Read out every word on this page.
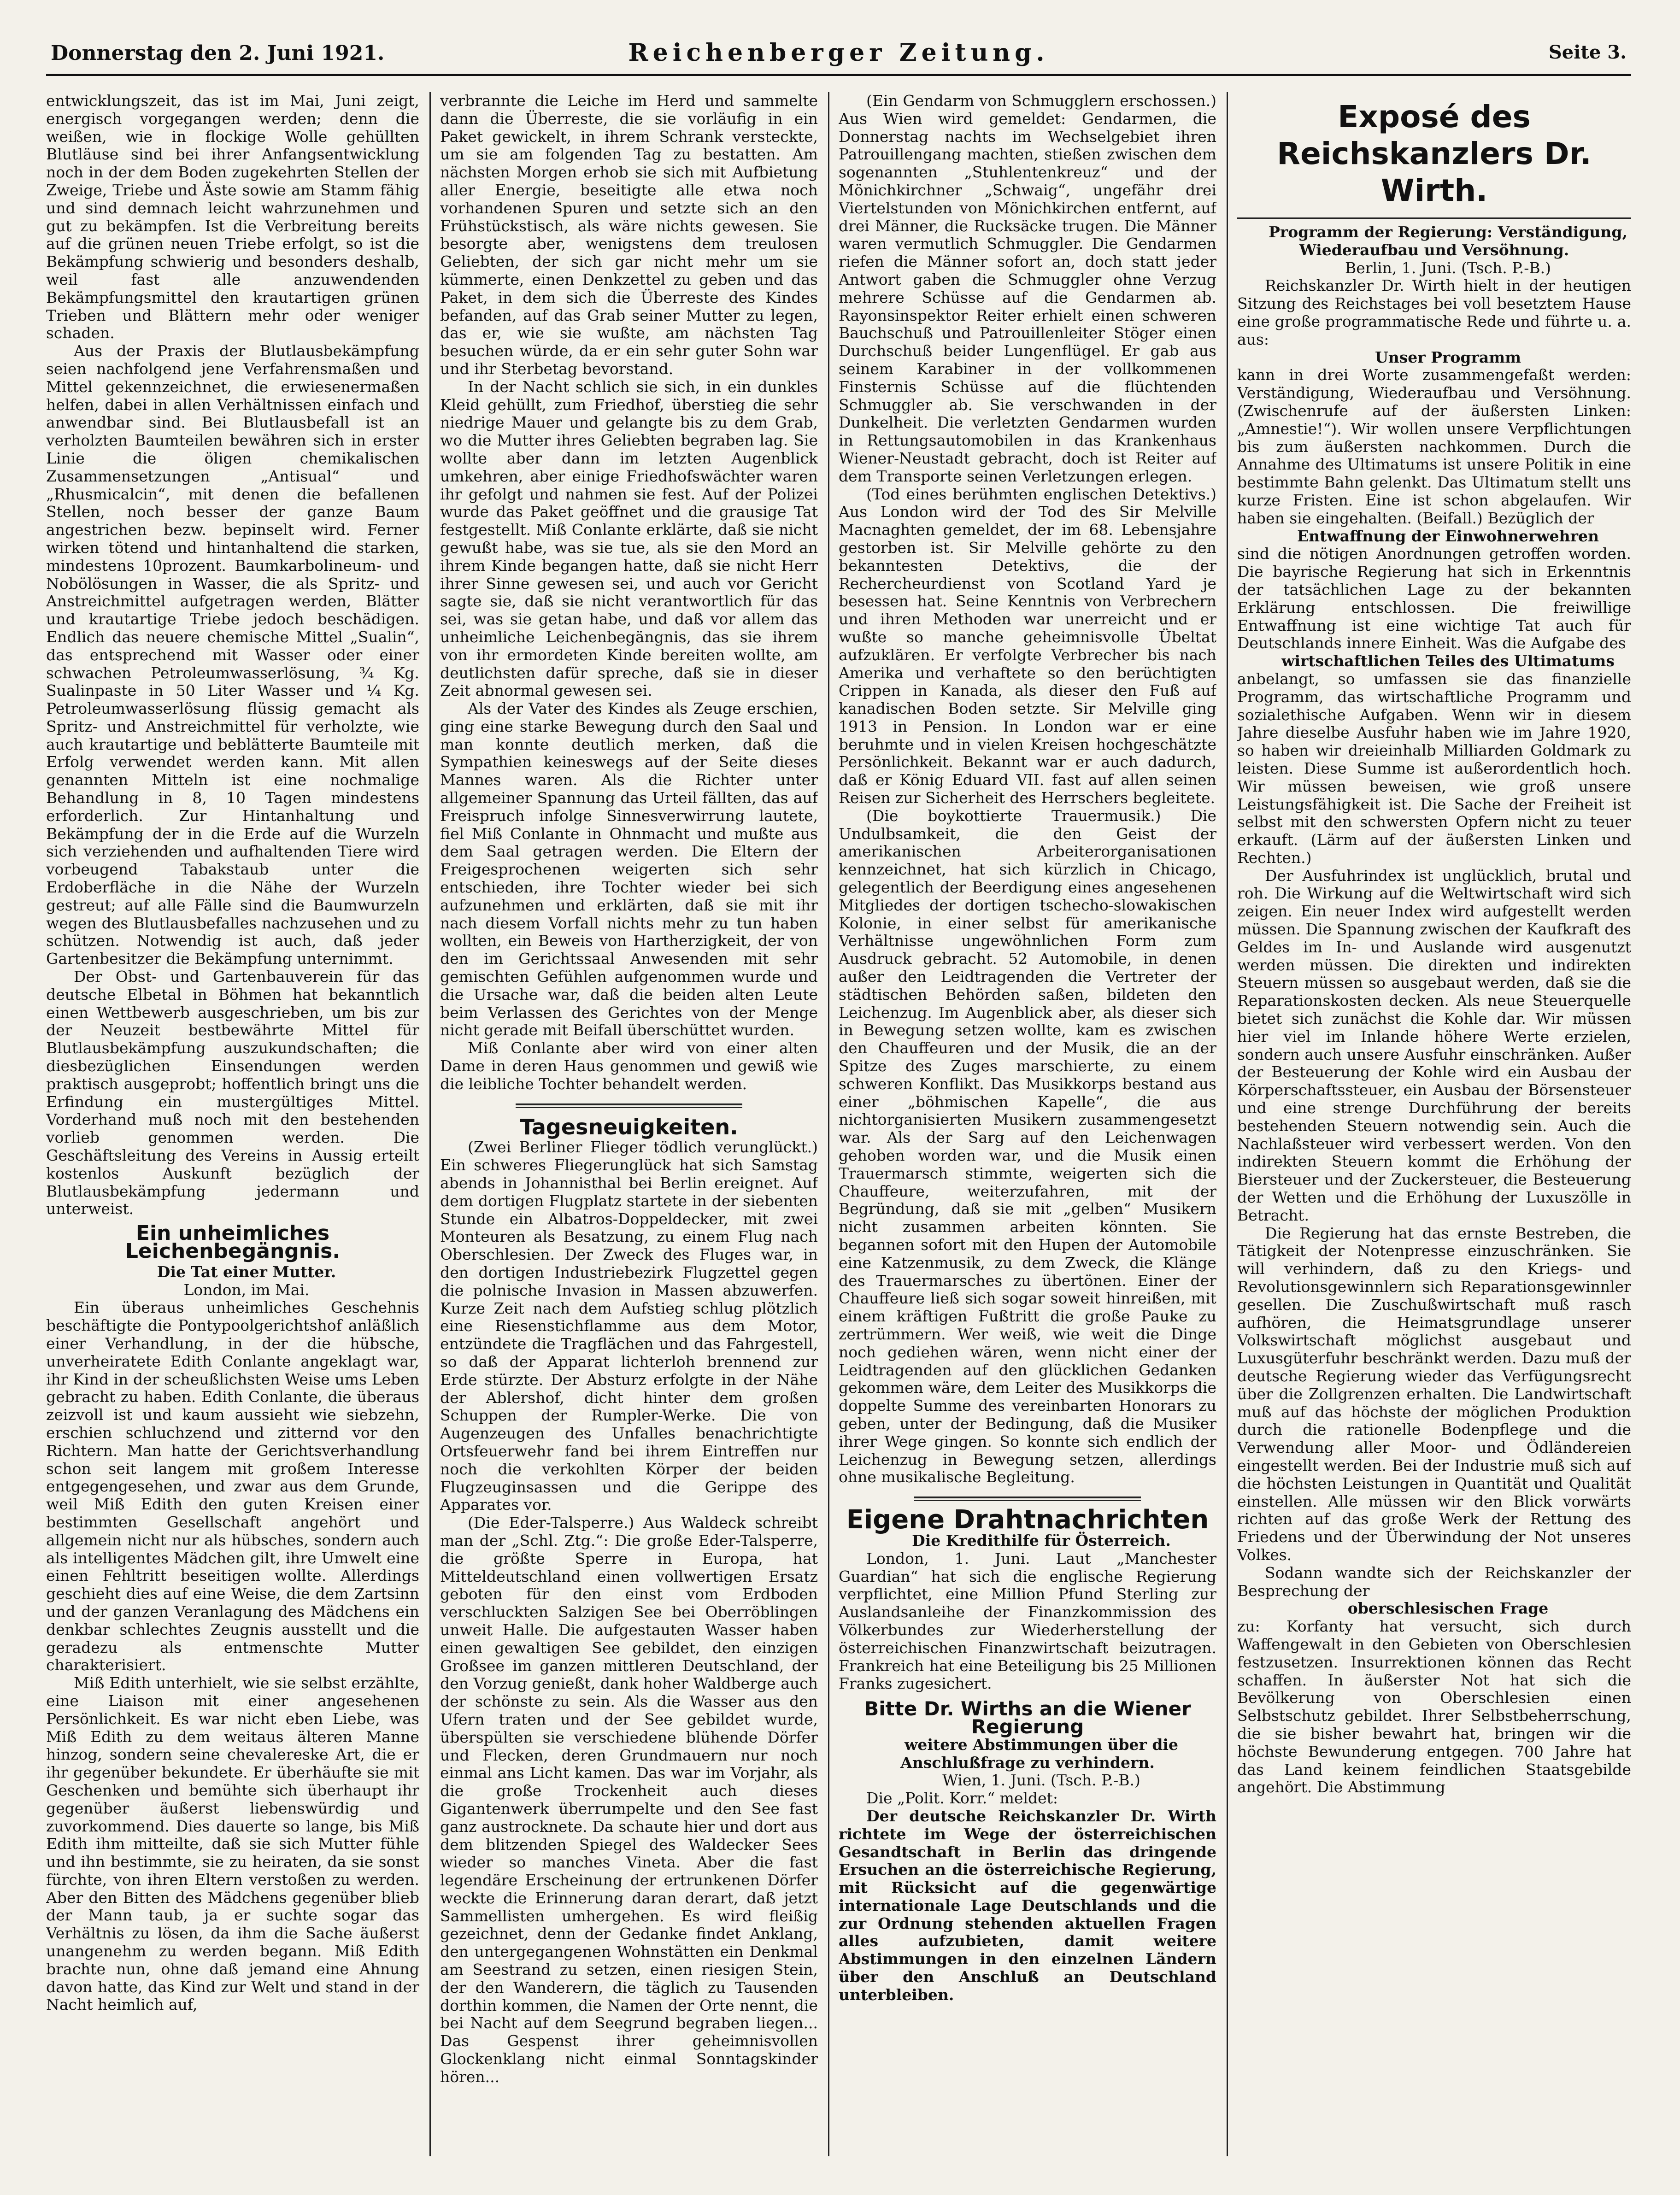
Donnerstag den 2. Juni 1921.	Reichenberger Zeitung.	Seite 3.

entwicklungszeit, das ist im Mai, Juni zeigt, energisch vorgegangen werden; denn die weißen, wie in flockige Wolle gehüllten Blutläuse sind bei ihrer Anfangsentwicklung noch in der dem Boden zugekehrten Stellen der Zweige, Triebe und Äste sowie am Stamm fähig und sind demnach leicht wahrzunehmen und gut zu bekämpfen. Ist die Verbreitung bereits auf die grünen neuen Triebe erfolgt, so ist die Bekämpfung schwierig und besonders deshalb, weil fast alle anzuwendenden Bekämpfungsmittel den krautartigen grünen Trieben und Blättern mehr oder weniger schaden.

Aus der Praxis der Blutlausbekämpfung seien nachfolgend jene Verfahrensmaßen und Mittel gekennzeichnet, die erwiesenermaßen helfen, dabei in allen Verhältnissen einfach und anwendbar sind. Bei Blutlausbefall ist an verholzten Baumteilen bewähren sich in erster Linie die öligen chemikalischen Zusammensetzungen „Antisual“ und „Rhusmicalcin“, mit denen die befallenen Stellen, noch besser der ganze Baum angestrichen bezw. bepinselt wird. Ferner wirken tötend und hintanhaltend die starken, mindestens 10prozent. Baumkarbolineum- und Nobölösungen in Wasser, die als Spritz- und Anstreichmittel aufgetragen werden, Blätter und krautartige Triebe jedoch beschädigen. Endlich das neuere chemische Mittel „Sualin“, das entsprechend mit Wasser oder einer schwachen Petroleumwasserlösung, ¾ Kg. Sualinpaste in 50 Liter Wasser und ¼ Kg. Petroleumwasserlösung flüssig gemacht als Spritz- und Anstreichmittel für verholzte, wie auch krautartige und beblätterte Baumteile mit Erfolg verwendet werden kann. Mit allen genannten Mitteln ist eine nochmalige Behandlung in 8, 10 Tagen mindestens erforderlich. Zur Hintanhaltung und Bekämpfung der in die Erde auf die Wurzeln sich verziehenden und aufhaltenden Tiere wird vorbeugend Tabakstaub unter die Erdoberfläche in die Nähe der Wurzeln gestreut; auf alle Fälle sind die Baumwurzeln wegen des Blutlausbefalles nachzusehen und zu schützen. Notwendig ist auch, daß jeder Gartenbesitzer die Bekämpfung unternimmt.

Der Obst- und Gartenbauverein für das deutsche Elbetal in Böhmen hat bekanntlich einen Wettbewerb ausgeschrieben, um bis zur der Neuzeit bestbewährte Mittel für Blutlausbekämpfung auszukundschaften; die diesbezüglichen Einsendungen werden praktisch ausgeprobt; hoffentlich bringt uns die Erfindung ein mustergültiges Mittel. Vorderhand muß noch mit den bestehenden vorlieb genommen werden. Die Geschäftsleitung des Vereins in Aussig erteilt kostenlos Auskunft bezüglich der Blutlausbekämpfung jedermann und unterweist.

Ein unheimliches Leichenbegängnis.

Die Tat einer Mutter.

London, im Mai.

Ein überaus unheimliches Geschehnis beschäftigte die Pontypoolgerichtshof anläßlich einer Verhandlung, in der die hübsche, unverheiratete Edith Conlante angeklagt war, ihr Kind in der scheußlichsten Weise ums Leben gebracht zu haben. Edith Conlante, die überaus zeizvoll ist und kaum aussieht wie siebzehn, erschien schluchzend und zitternd vor den Richtern. Man hatte der Gerichtsverhandlung schon seit langem mit großem Interesse entgegengesehen, und zwar aus dem Grunde, weil Miß Edith den guten Kreisen einer bestimmten Gesellschaft angehört und allgemein nicht nur als hübsches, sondern auch als intelligentes Mädchen gilt, ihre Umwelt eine einen Fehltritt beseitigen wollte. Allerdings geschieht dies auf eine Weise, die dem Zartsinn und der ganzen Veranlagung des Mädchens ein denkbar schlechtes Zeugnis ausstellt und die geradezu als entmenschte Mutter charakterisiert.

Miß Edith unterhielt, wie sie selbst erzählte, eine Liaison mit einer angesehenen Persönlichkeit. Es war nicht eben Liebe, was Miß Edith zu dem weitaus älteren Manne hinzog, sondern seine chevalereske Art, die er ihr gegenüber bekundete. Er überhäufte sie mit Geschenken und bemühte sich überhaupt ihr gegenüber äußerst liebenswürdig und zuvorkommend. Dies dauerte so lange, bis Miß Edith ihm mitteilte, daß sie sich Mutter fühle und ihn bestimmte, sie zu heiraten, da sie sonst fürchte, von ihren Eltern verstoßen zu werden. Aber den Bitten des Mädchens gegenüber blieb der Mann taub, ja er suchte sogar das Verhältnis zu lösen, da ihm die Sache äußerst unangenehm zu werden begann. Miß Edith brachte nun, ohne daß jemand eine Ahnung davon hatte, das Kind zur Welt und stand in der Nacht heimlich auf,

verbrannte die Leiche im Herd und sammelte dann die Überreste, die sie vorläufig in ein Paket gewickelt, in ihrem Schrank versteckte, um sie am folgenden Tag zu bestatten. Am nächsten Morgen erhob sie sich mit Aufbietung aller Energie, beseitigte alle etwa noch vorhandenen Spuren und setzte sich an den Frühstückstisch, als wäre nichts gewesen. Sie besorgte aber, wenigstens dem treulosen Geliebten, der sich gar nicht mehr um sie kümmerte, einen Denkzettel zu geben und das Paket, in dem sich die Überreste des Kindes befanden, auf das Grab seiner Mutter zu legen, das er, wie sie wußte, am nächsten Tag besuchen würde, da er ein sehr guter Sohn war und ihr Sterbetag bevorstand.

In der Nacht schlich sie sich, in ein dunkles Kleid gehüllt, zum Friedhof, überstieg die sehr niedrige Mauer und gelangte bis zu dem Grab, wo die Mutter ihres Geliebten begraben lag. Sie wollte aber dann im letzten Augenblick umkehren, aber einige Friedhofswächter waren ihr gefolgt und nahmen sie fest. Auf der Polizei wurde das Paket geöffnet und die grausige Tat festgestellt. Miß Conlante erklärte, daß sie nicht gewußt habe, was sie tue, als sie den Mord an ihrem Kinde begangen hatte, daß sie nicht Herr ihrer Sinne gewesen sei, und auch vor Gericht sagte sie, daß sie nicht verantwortlich für das sei, was sie getan habe, und daß vor allem das unheimliche Leichenbegängnis, das sie ihrem von ihr ermordeten Kinde bereiten wollte, am deutlichsten dafür spreche, daß sie in dieser Zeit abnormal gewesen sei.

Als der Vater des Kindes als Zeuge erschien, ging eine starke Bewegung durch den Saal und man konnte deutlich merken, daß die Sympathien keineswegs auf der Seite dieses Mannes waren. Als die Richter unter allgemeiner Spannung das Urteil fällten, das auf Freispruch infolge Sinnesverwirrung lautete, fiel Miß Conlante in Ohnmacht und mußte aus dem Saal getragen werden. Die Eltern der Freigesprochenen weigerten sich sehr entschieden, ihre Tochter wieder bei sich aufzunehmen und erklärten, daß sie mit ihr nach diesem Vorfall nichts mehr zu tun haben wollten, ein Beweis von Hartherzigkeit, der von den im Gerichtssaal Anwesenden mit sehr gemischten Gefühlen aufgenommen wurde und die Ursache war, daß die beiden alten Leute beim Verlassen des Gerichtes von der Menge nicht gerade mit Beifall überschüttet wurden.

Miß Conlante aber wird von einer alten Dame in deren Haus genommen und gewiß wie die leibliche Tochter behandelt werden.

Tagesneuigkeiten.

(Zwei Berliner Flieger tödlich verunglückt.) Ein schweres Fliegerunglück hat sich Samstag abends in Johannisthal bei Berlin ereignet. Auf dem dortigen Flugplatz startete in der siebenten Stunde ein Albatros-Doppeldecker, mit zwei Monteuren als Besatzung, zu einem Flug nach Oberschlesien. Der Zweck des Fluges war, in den dortigen Industriebezirk Flugzettel gegen die polnische Invasion in Massen abzuwerfen. Kurze Zeit nach dem Aufstieg schlug plötzlich eine Riesenstichflamme aus dem Motor, entzündete die Tragflächen und das Fahrgestell, so daß der Apparat lichterloh brennend zur Erde stürzte. Der Absturz erfolgte in der Nähe der Ablershof, dicht hinter dem großen Schuppen der Rumpler-Werke. Die von Augenzeugen des Unfalles benachrichtigte Ortsfeuerwehr fand bei ihrem Eintreffen nur noch die verkohlten Körper der beiden Flugzeuginsassen und die Gerippe des Apparates vor.

(Die Eder-Talsperre.) Aus Waldeck schreibt man der „Schl. Ztg.“: Die große Eder-Talsperre, die größte Sperre in Europa, hat Mitteldeutschland einen vollwertigen Ersatz geboten für den einst vom Erdboden verschluckten Salzigen See bei Oberröblingen unweit Halle. Die aufgestauten Wasser haben einen gewaltigen See gebildet, den einzigen Großsee im ganzen mittleren Deutschland, der den Vorzug genießt, dank hoher Waldberge auch der schönste zu sein. Als die Wasser aus den Ufern traten und der See gebildet wurde, überspülten sie verschiedene blühende Dörfer und Flecken, deren Grundmauern nur noch einmal ans Licht kamen. Das war im Vorjahr, als die große Trockenheit auch dieses Gigantenwerk überrumpelte und den See fast ganz austrocknete. Da schaute hier und dort aus dem blitzenden Spiegel des Waldecker Sees wieder so manches Vineta. Aber die fast legendäre Erscheinung der ertrunkenen Dörfer weckte die Erinnerung daran derart, daß jetzt Sammellisten umhergehen. Es wird fleißig gezeichnet, denn der Gedanke findet Anklang, den untergegangenen Wohnstätten ein Denkmal am Seestrand zu setzen, einen riesigen Stein, der den Wanderern, die täglich zu Tausenden dorthin kommen, die Namen der Orte nennt, die bei Nacht auf dem Seegrund begraben liegen... Das Gespenst ihrer geheimnisvollen Glockenklang nicht einmal Sonntagskinder hören...

(Ein Gendarm von Schmugglern erschossen.) Aus Wien wird gemeldet: Gendarmen, die Donnerstag nachts im Wechselgebiet ihren Patrouillengang machten, stießen zwischen dem sogenannten „Stuhlentenkreuz“ und der Mönichkirchner „Schwaig“, ungefähr drei Viertelstunden von Mönichkirchen entfernt, auf drei Männer, die Rucksäcke trugen. Die Männer waren vermutlich Schmuggler. Die Gendarmen riefen die Männer sofort an, doch statt jeder Antwort gaben die Schmuggler ohne Verzug mehrere Schüsse auf die Gendarmen ab. Rayonsinspektor Reiter erhielt einen schweren Bauchschuß und Patrouillenleiter Stöger einen Durchschuß beider Lungenflügel. Er gab aus seinem Karabiner in der vollkommenen Finsternis Schüsse auf die flüchtenden Schmuggler ab. Sie verschwanden in der Dunkelheit. Die verletzten Gendarmen wurden in Rettungsautomobilen in das Krankenhaus Wiener-Neustadt gebracht, doch ist Reiter auf dem Transporte seinen Verletzungen erlegen.

(Tod eines berühmten englischen Detektivs.) Aus London wird der Tod des Sir Melville Macnaghten gemeldet, der im 68. Lebensjahre gestorben ist. Sir Melville gehörte zu den bekanntesten Detektivs, die der Rechercheurdienst von Scotland Yard je besessen hat. Seine Kenntnis von Verbrechern und ihren Methoden war unerreicht und er wußte so manche geheimnisvolle Übeltat aufzuklären. Er verfolgte Verbrecher bis nach Amerika und verhaftete so den berüchtigten Crippen in Kanada, als dieser den Fuß auf kanadischen Boden setzte. Sir Melville ging 1913 in Pension. In London war er eine beruhmte und in vielen Kreisen hochgeschätzte Persönlichkeit. Bekannt war er auch dadurch, daß er König Eduard VII. fast auf allen seinen Reisen zur Sicherheit des Herrschers begleitete.

(Die boykottierte Trauermusik.) Die Undulbsamkeit, die den Geist der amerikanischen Arbeiterorganisationen kennzeichnet, hat sich kürzlich in Chicago, gelegentlich der Beerdigung eines angesehenen Mitgliedes der dortigen tschecho-slowakischen Kolonie, in einer selbst für amerikanische Verhältnisse ungewöhnlichen Form zum Ausdruck gebracht. 52 Automobile, in denen außer den Leidtragenden die Vertreter der städtischen Behörden saßen, bildeten den Leichenzug. Im Augenblick aber, als dieser sich in Bewegung setzen wollte, kam es zwischen den Chauffeuren und der Musik, die an der Spitze des Zuges marschierte, zu einem schweren Konflikt. Das Musikkorps bestand aus einer „böhmischen Kapelle“, die aus nichtorganisierten Musikern zusammengesetzt war. Als der Sarg auf den Leichenwagen gehoben worden war, und die Musik einen Trauermarsch stimmte, weigerten sich die Chauffeure, weiterzufahren, mit der Begründung, daß sie mit „gelben“ Musikern nicht zusammen arbeiten könnten. Sie begannen sofort mit den Hupen der Automobile eine Katzenmusik, zu dem Zweck, die Klänge des Trauermarsches zu übertönen. Einer der Chauffeure ließ sich sogar soweit hinreißen, mit einem kräftigen Fußtritt die große Pauke zu zertrümmern. Wer weiß, wie weit die Dinge noch gediehen wären, wenn nicht einer der Leidtragenden auf den glücklichen Gedanken gekommen wäre, dem Leiter des Musikkorps die doppelte Summe des vereinbarten Honorars zu geben, unter der Bedingung, daß die Musiker ihrer Wege gingen. So konnte sich endlich der Leichenzug in Bewegung setzen, allerdings ohne musikalische Begleitung.

Eigene Drahtnachrichten

Die Kredithilfe für Österreich.

London, 1. Juni. Laut „Manchester Guardian“ hat sich die englische Regierung verpflichtet, eine Million Pfund Sterling zur Auslandsanleihe der Finanzkommission des Völkerbundes zur Wiederherstellung der österreichischen Finanzwirtschaft beizutragen. Frankreich hat eine Beteiligung bis 25 Millionen Franks zugesichert.

Bitte Dr. Wirths an die Wiener Regierung

weitere Abstimmungen über die Anschlußfrage zu verhindern.

Wien, 1. Juni. (Tsch. P.-B.)

Die „Polit. Korr.“ meldet:

Der deutsche Reichskanzler Dr. Wirth richtete im Wege der österreichischen Gesandtschaft in Berlin das dringende Ersuchen an die österreichische Regierung, mit Rücksicht auf die gegenwärtige internationale Lage Deutschlands und die zur Ordnung stehenden aktuellen Fragen alles aufzubieten, damit weitere Abstimmungen in den einzelnen Ländern über den Anschluß an Deutschland unterbleiben.

Exposé des Reichskanzlers Dr. Wirth.

Programm der Regierung: Verständigung, Wiederaufbau und Versöhnung.

Berlin, 1. Juni. (Tsch. P.-B.)

Reichskanzler Dr. Wirth hielt in der heutigen Sitzung des Reichstages bei voll besetztem Hause eine große programmatische Rede und führte u. a. aus:

Unser Programm

kann in drei Worte zusammengefaßt werden: Verständigung, Wiederaufbau und Versöhnung. (Zwischenrufe auf der äußersten Linken: „Amnestie!“). Wir wollen unsere Verpflichtungen bis zum äußersten nachkommen. Durch die Annahme des Ultimatums ist unsere Politik in eine bestimmte Bahn gelenkt. Das Ultimatum stellt uns kurze Fristen. Eine ist schon abgelaufen. Wir haben sie eingehalten. (Beifall.) Bezüglich der

Entwaffnung der Einwohnerwehren

sind die nötigen Anordnungen getroffen worden. Die bayrische Regierung hat sich in Erkenntnis der tatsächlichen Lage zu der bekannten Erklärung entschlossen. Die freiwillige Entwaffnung ist eine wichtige Tat auch für Deutschlands innere Einheit. Was die Aufgabe des

wirtschaftlichen Teiles des Ultimatums

anbelangt, so umfassen sie das finanzielle Programm, das wirtschaftliche Programm und sozialethische Aufgaben. Wenn wir in diesem Jahre dieselbe Ausfuhr haben wie im Jahre 1920, so haben wir dreieinhalb Milliarden Goldmark zu leisten. Diese Summe ist außerordentlich hoch. Wir müssen beweisen, wie groß unsere Leistungsfähigkeit ist. Die Sache der Freiheit ist selbst mit den schwersten Opfern nicht zu teuer erkauft. (Lärm auf der äußersten Linken und Rechten.)

Der Ausfuhrindex ist unglücklich, brutal und roh. Die Wirkung auf die Weltwirtschaft wird sich zeigen. Ein neuer Index wird aufgestellt werden müssen. Die Spannung zwischen der Kaufkraft des Geldes im In- und Auslande wird ausgenutzt werden müssen. Die direkten und indirekten Steuern müssen so ausgebaut werden, daß sie die Reparationskosten decken. Als neue Steuerquelle bietet sich zunächst die Kohle dar. Wir müssen hier viel im Inlande höhere Werte erzielen, sondern auch unsere Ausfuhr einschränken. Außer der Besteuerung der Kohle wird ein Ausbau der Körperschaftssteuer, ein Ausbau der Börsensteuer und eine strenge Durchführung der bereits bestehenden Steuern notwendig sein. Auch die Nachlaßsteuer wird verbessert werden. Von den indirekten Steuern kommt die Erhöhung der Biersteuer und der Zuckersteuer, die Besteuerung der Wetten und die Erhöhung der Luxuszölle in Betracht.

Die Regierung hat das ernste Bestreben, die Tätigkeit der Notenpresse einzuschränken. Sie will verhindern, daß zu den Kriegs- und Revolutionsgewinnlern sich Reparationsgewinnler gesellen. Die Zuschußwirtschaft muß rasch aufhören, die Heimatsgrundlage unserer Volkswirtschaft möglichst ausgebaut und Luxusgüterfuhr beschränkt werden. Dazu muß der deutsche Regierung wieder das Verfügungsrecht über die Zollgrenzen erhalten. Die Landwirtschaft muß auf das höchste der möglichen Produktion durch die rationelle Bodenpflege und die Verwendung aller Moor- und Ödländereien eingestellt werden. Bei der Industrie muß sich auf die höchsten Leistungen in Quantität und Qualität einstellen. Alle müssen wir den Blick vorwärts richten auf das große Werk der Rettung des Friedens und der Überwindung der Not unseres Volkes.

Sodann wandte sich der Reichskanzler der Besprechung der

oberschlesischen Frage

zu: Korfanty hat versucht, sich durch Waffengewalt in den Gebieten von Oberschlesien festzusetzen. Insurrektionen können das Recht schaffen. In äußerster Not hat sich die Bevölkerung von Oberschlesien einen Selbstschutz gebildet. Ihrer Selbstbeherrschung, die sie bisher bewahrt hat, bringen wir die höchste Bewunderung entgegen. 700 Jahre hat das Land keinem feindlichen Staatsgebilde angehört. Die Abstimmung
